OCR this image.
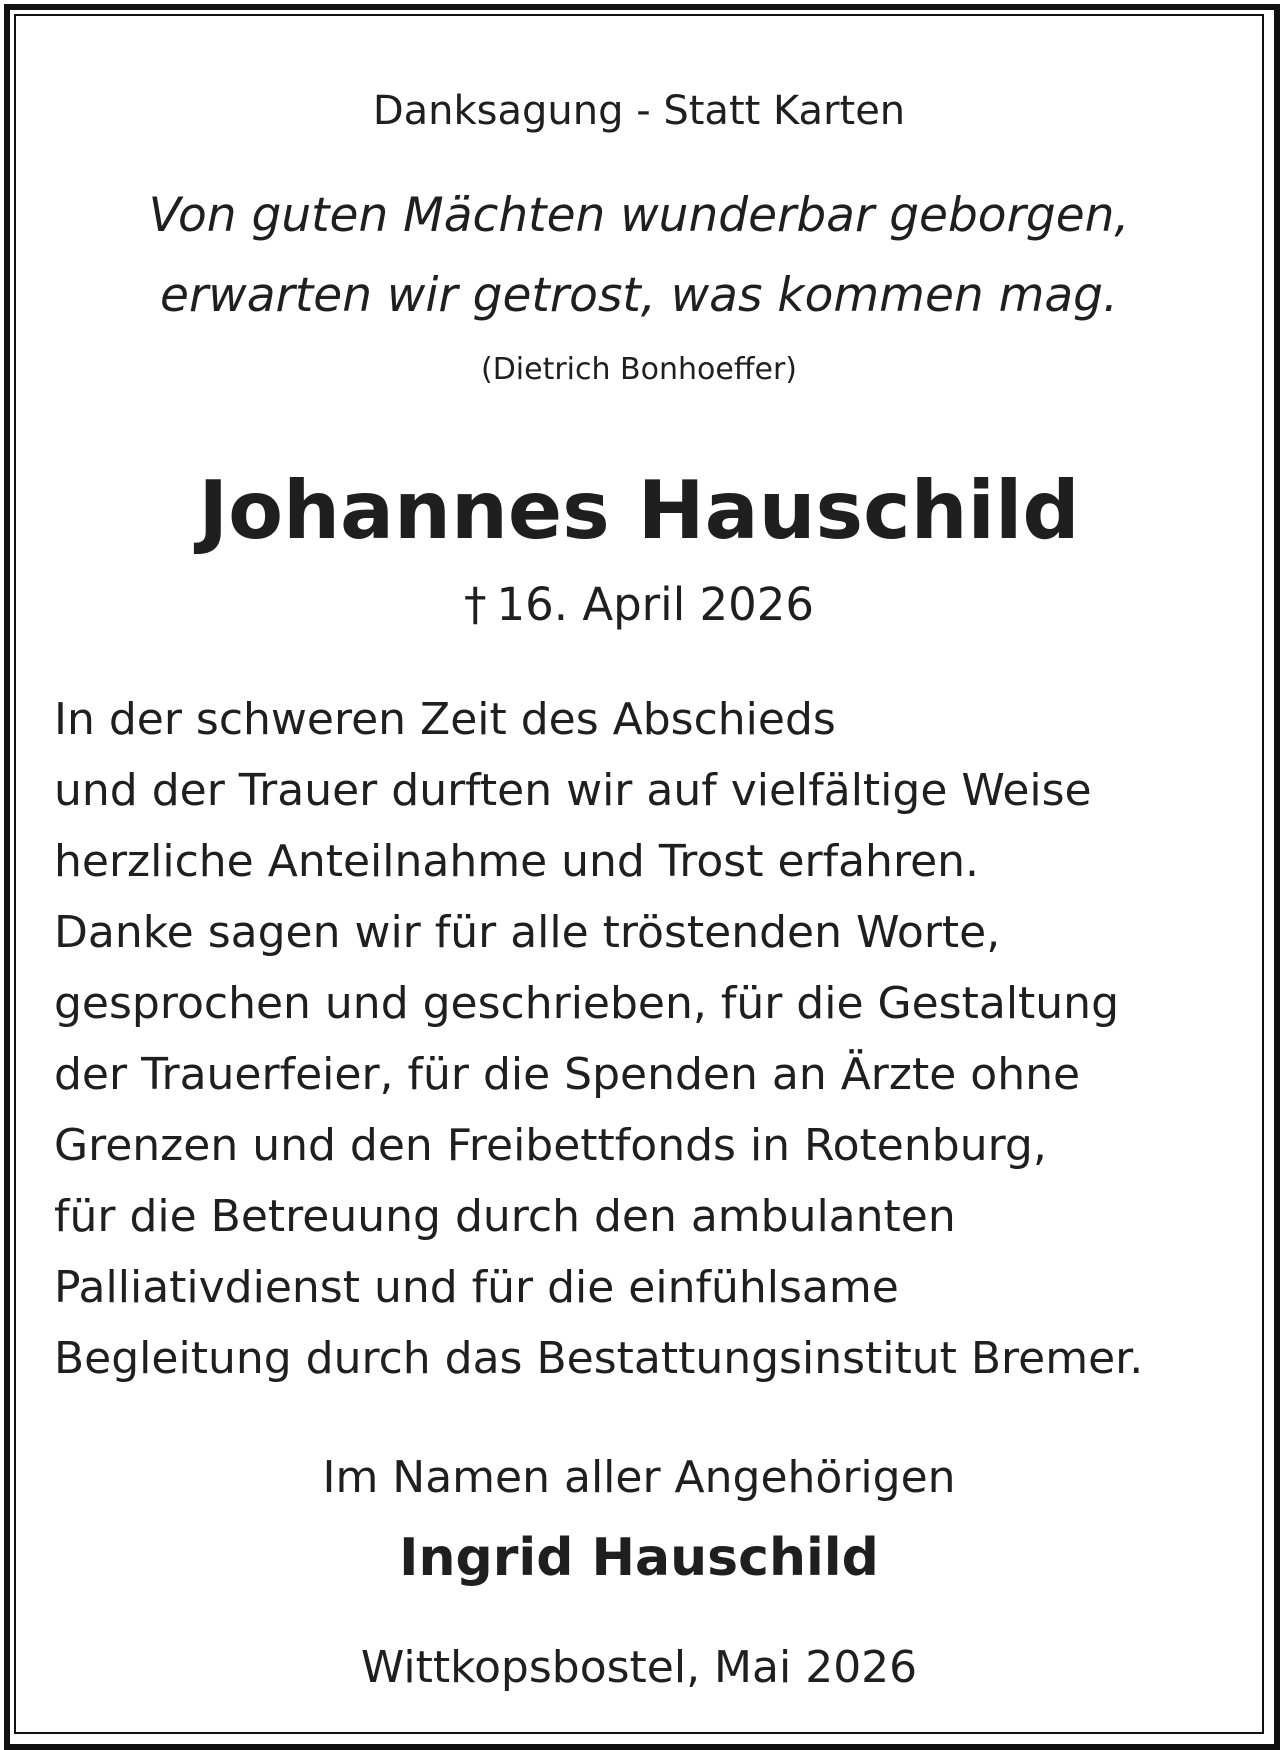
Danksagung - Statt Karten
Von guten Mächten wunderbar geborgen,
erwarten wir getrost, was kommen mag.
(Dietrich Bonhoeffer)
Johannes Hauschild
† 16. April 2026
In der schweren Zeit des Abschieds
und der Trauer durften wir auf vielfältige Weise
herzliche Anteilnahme und Trost erfahren.
Danke sagen wir für alle tröstenden Worte,
gesprochen und geschrieben, für die Gestaltung
der Trauerfeier, für die Spenden an Ärzte ohne
Grenzen und den Freibettfonds in Rotenburg,
für die Betreuung durch den ambulanten
Palliativdienst und für die einfühlsame
Begleitung durch das Bestattungsinstitut Bremer.
Im Namen aller Angehörigen
Ingrid Hauschild
Wittkopsbostel, Mai 2026
